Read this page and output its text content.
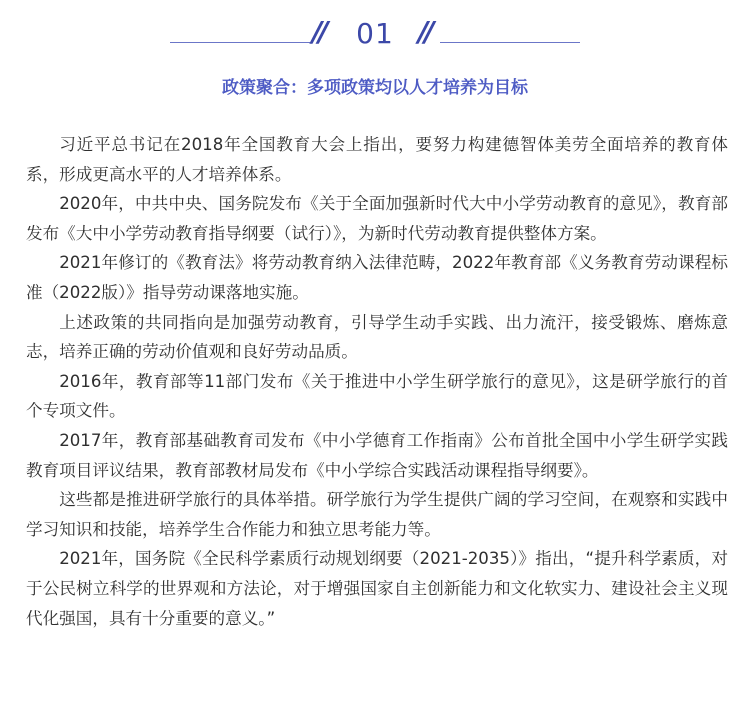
//	01 //
政策聚合：多项政策均以人才培养为目标

习近平总书记在2018年全国教育大会上指出，要努力构建德智体美劳全面培养的教育体系，形成更高水平的人才培养体系。

2020年，中共中央、国务院发布《关于全面加强新时代大中小学劳动教育的意见》，教育部发布《大中小学劳动教育指导纲要（试行）》，为新时代劳动教育提供整体方案。

2021年修订的《教育法》将劳动教育纳入法律范畴，2022年教育部《义务教育劳动课程标准（2022版）》指导劳动课落地实施。

上述政策的共同指向是加强劳动教育，引导学生动手实践、出力流汗，接受锻炼、磨炼意志，培养正确的劳动价值观和良好劳动品质。

2016年，教育部等11部门发布《关于推进中小学生研学旅行的意见》，这是研学旅行的首个专项文件。

2017年，教育部基础教育司发布《中小学德育工作指南》公布首批全国中小学生研学实践教育项目评议结果，教育部教材局发布《中小学综合实践活动课程指导纲要》。

这些都是推进研学旅行的具体举措。研学旅行为学生提供广阔的学习空间，在观察和实践中学习知识和技能，培养学生合作能力和独立思考能力等。

2021年，国务院《全民科学素质行动规划纲要（2021-2035）》指出，“提升科学素质，对于公民树立科学的世界观和方法论，对于增强国家自主创新能力和文化软实力、建设社会主义现代化强国，具有十分重要的意义。”
